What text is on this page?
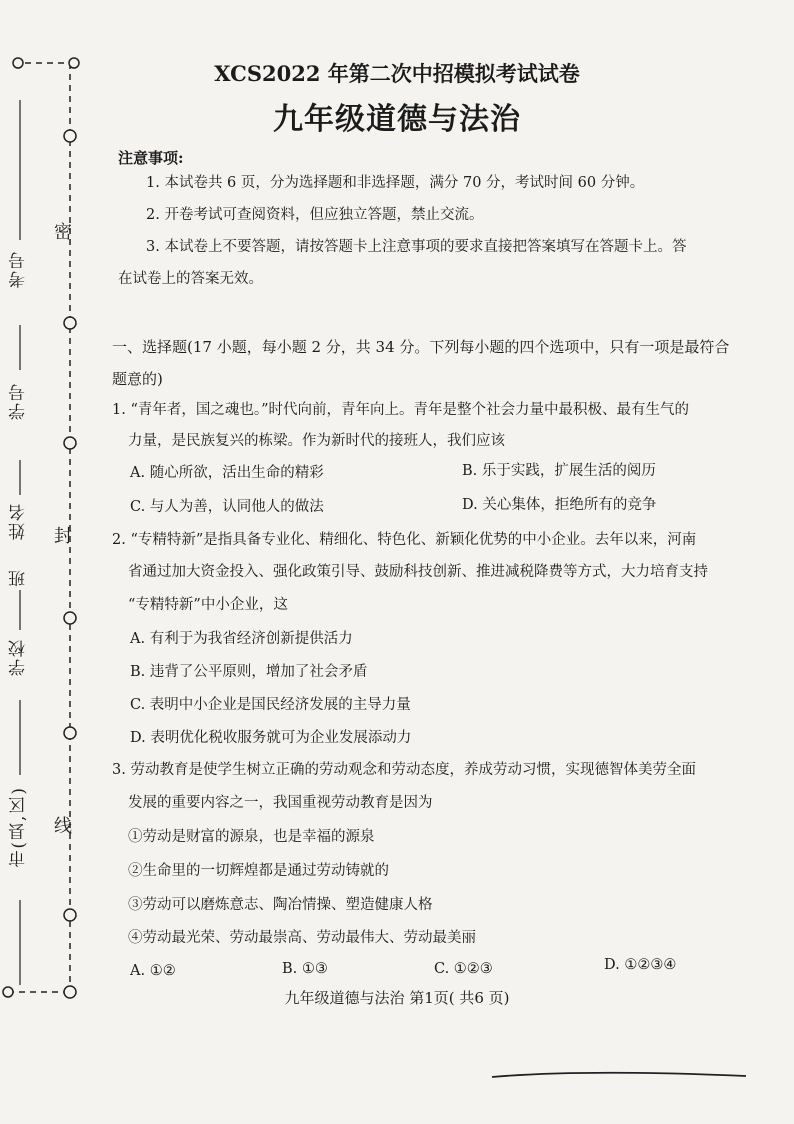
考号
学号
姓名
班
学校
市(县,区)
密
封
线
XCS2022 年第二次中招模拟考试试卷
九年级道德与法治
注意事项:
1. 本试卷共 6 页，分为选择题和非选择题，满分 70 分，考试时间 60 分钟。
2. 开卷考试可查阅资料，但应独立答题，禁止交流。
3. 本试卷上不要答题，请按答题卡上注意事项的要求直接把答案填写在答题卡上。答
在试卷上的答案无效。
一、选择题(17 小题，每小题 2 分，共 34 分。下列每小题的四个选项中，只有一项是最符合
题意的)
1. “青年者，国之魂也。”时代向前，青年向上。青年是整个社会力量中最积极、最有生气的
力量，是民族复兴的栋梁。作为新时代的接班人，我们应该
A. 随心所欲，活出生命的精彩	B. 乐于实践，扩展生活的阅历
C. 与人为善，认同他人的做法	D. 关心集体，拒绝所有的竞争
2. “专精特新”是指具备专业化、精细化、特色化、新颖化优势的中小企业。去年以来，河南
省通过加大资金投入、强化政策引导、鼓励科技创新、推进减税降费等方式，大力培育支持
“专精特新”中小企业，这
A. 有利于为我省经济创新提供活力
B. 违背了公平原则，增加了社会矛盾
C. 表明中小企业是国民经济发展的主导力量
D. 表明优化税收服务就可为企业发展添动力
3. 劳动教育是使学生树立正确的劳动观念和劳动态度，养成劳动习惯，实现德智体美劳全面
发展的重要内容之一，我国重视劳动教育是因为
①劳动是财富的源泉，也是幸福的源泉
②生命里的一切辉煌都是通过劳动铸就的
③劳动可以磨炼意志、陶冶情操、塑造健康人格
④劳动最光荣、劳动最崇高、劳动最伟大、劳动最美丽
A. ①②	B. ①③	C. ①②③	D. ①②③④
九年级道德与法治 第1页( 共6 页)
